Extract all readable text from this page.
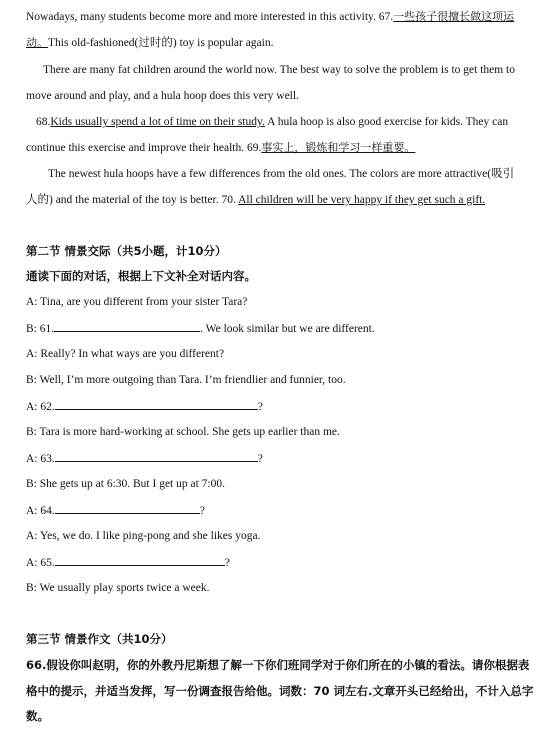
Nowadays, many students become more and more interested in this activity. 67.一些孩子很擅长做这项运
动。This old-fashioned(过时的) toy is popular again.
There are many fat children around the world now. The best way to solve the problem is to get them to
move around and play, and a hula hoop does this very well.
68.Kids usually spend a lot of time on their study. A hula hoop is also good exercise for kids. They can
continue this exercise and improve their health. 69.事实上，锻炼和学习一样重要。
The newest hula hoops have a few differences from the old ones. The colors are more attractive(吸引
人的) and the material of the toy is better. 70. All children will be very happy if they get such a gift.
第二节 情景交际（共5小题，计10分）
通读下面的对话，根据上下文补全对话内容。
A: Tina, are you different from your sister Tara?
B: 61.	. We look similar but we are different.
A: Really? In what ways are you different?
B: Well, I’m more outgoing than Tara. I’m friendlier and funnier, too.
A: 62.	?
B: Tara is more hard-working at school. She gets up earlier than me.
A: 63.	?
B: She gets up at 6:30. But I get up at 7:00.
A: 64.	?
A: Yes, we do. I like ping-pong and she likes yoga.
A: 65.	?
B: We usually play sports twice a week.
第三节 情景作文（共10分）
66.假设你叫赵明，你的外教丹尼斯想了解一下你们班同学对于你们所在的小镇的看法。请你根据表
格中的提示，并适当发挥，写一份调查报告给他。词数：70 词左右.文章开头已经给出，不计入总字
数。
